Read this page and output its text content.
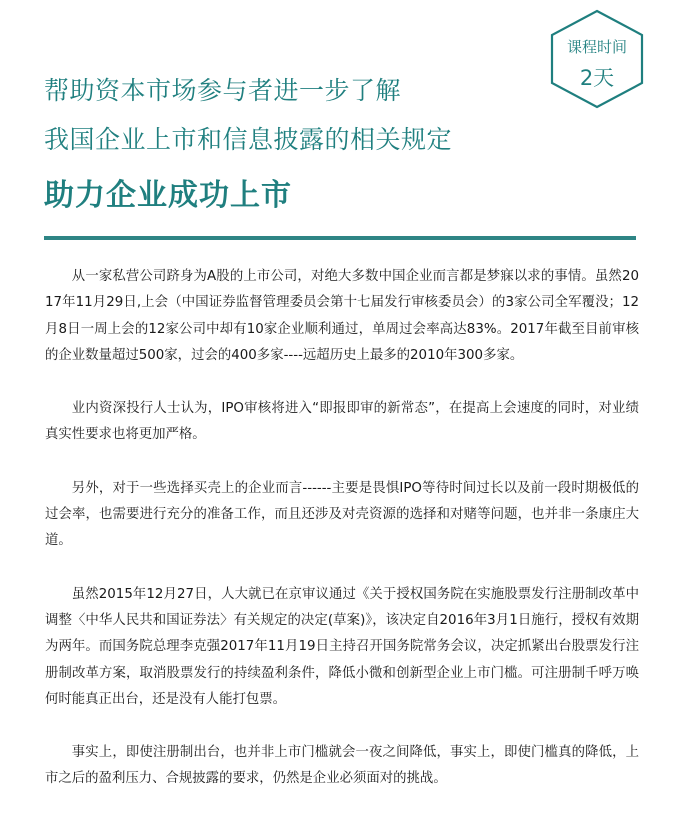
帮助资本市场参与者进一步了解
我国企业上市和信息披露的相关规定
助力企业成功上市
课程时间
2天

从一家私营公司跻身为A股的上市公司，对绝大多数中国企业而言都是梦寐以求的事情。虽然2017年11月29日,上会（中国证券监督管理委员会第十七届发行审核委员会）的3家公司全军覆没；12月8日一周上会的12家公司中却有10家企业顺利通过，单周过会率高达83%。2017年截至目前审核的企业数量超过500家，过会的400多家----远超历史上最多的2010年300多家。

业内资深投行人士认为，IPO审核将进入“即报即审的新常态”，在提高上会速度的同时，对业绩真实性要求也将更加严格。

另外，对于一些选择买壳上的企业而言------主要是畏惧IPO等待时间过长以及前一段时期极低的过会率，也需要进行充分的准备工作，而且还涉及对壳资源的选择和对赌等问题，也并非一条康庄大道。

虽然2015年12月27日，人大就已在京审议通过《关于授权国务院在实施股票发行注册制改革中调整〈中华人民共和国证券法〉有关规定的决定(草案)》，该决定自2016年3月1日施行，授权有效期为两年。而国务院总理李克强2017年11月19日主持召开国务院常务会议，决定抓紧出台股票发行注册制改革方案，取消股票发行的持续盈利条件，降低小微和创新型企业上市门槛。可注册制千呼万唤何时能真正出台，还是没有人能打包票。

事实上，即使注册制出台，也并非上市门槛就会一夜之间降低，事实上，即使门槛真的降低，上市之后的盈利压力、合规披露的要求，仍然是企业必须面对的挑战。
